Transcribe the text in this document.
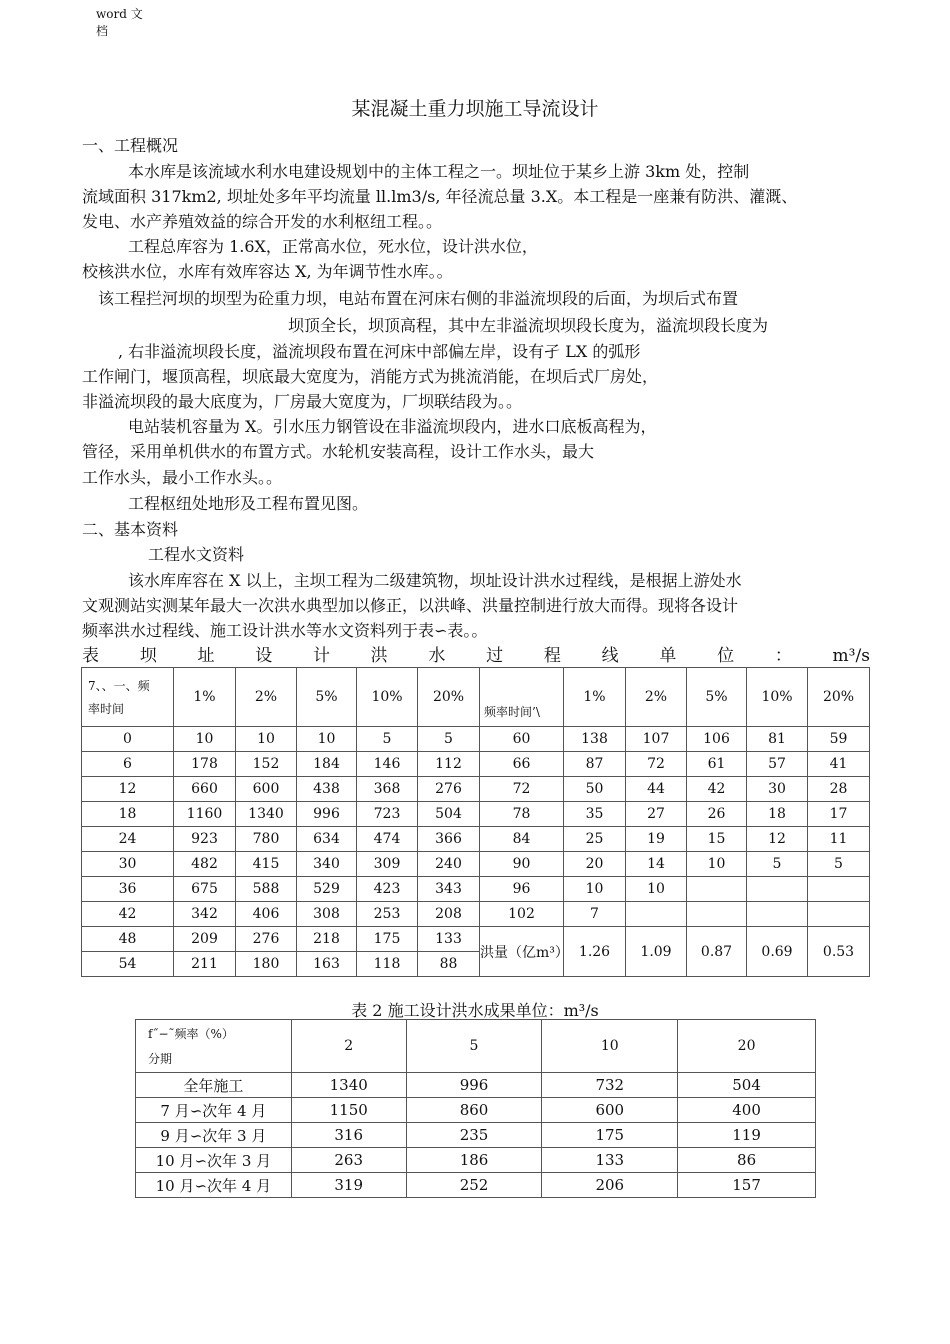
word 文
档
某混凝土重力坝施工导流设计
一、工程概况
本水库是该流域水利水电建设规划中的主体工程之一。坝址位于某乡上游 3km 处，控制
流域面积 317km2, 坝址处多年平均流量 ll.lm3/s, 年径流总量 3.X。本工程是一座兼有防洪、灌溉、
发电、水产养殖效益的综合开发的水利枢纽工程。。
工程总库容为 1.6X，正常高水位，死水位，设计洪水位，
校核洪水位，水库有效库容达 X, 为年调节性水库。。
该工程拦河坝的坝型为砼重力坝，电站布置在河床右侧的非溢流坝段的后面，为坝后式布置
坝顶全长，坝顶高程，其中左非溢流坝坝段长度为，溢流坝段长度为
, 右非溢流坝段长度，溢流坝段布置在河床中部偏左岸，设有孑 LX 的弧形
工作闸门，堰顶高程，坝底最大宽度为，消能方式为挑流消能，在坝后式厂房处，
非溢流坝段的最大底度为，厂房最大宽度为，厂坝联结段为。。
电站装机容量为 X。引水压力钢管设在非溢流坝段内，进水口底板高程为，
管径，采用单机供水的布置方式。水轮机安装高程，设计工作水头，最大
工作水头，最小工作水头。。
工程枢纽处地形及工程布置见图。
二、基本资料
工程水文资料
该水库库容在 X 以上，主坝工程为二级建筑物，坝址设计洪水过程线，是根据上游处水
文观测站实测某年最大一次洪水典型加以修正，以洪峰、洪量控制进行放大而得。现将各设计
频率洪水过程线、施工设计洪水等水文资料列于表∽表。。
表 坝 址 设 计 洪 水 过 程 线 单 位 ： m³/s
7、、一、频
率时间	1%	2%	5%	10%	20%	频率时间’\	1%	2%	5%	10%	20%
0	10	10	10	5	5	60	138	107	106	81	59
6	178	152	184	146	112	66	87	72	61	57	41
12	660	600	438	368	276	72	50	44	42	30	28
18	1160	1340	996	723	504	78	35	27	26	18	17
24	923	780	634	474	366	84	25	19	15	12	11
30	482	415	340	309	240	90	20	14	10	5	5
36	675	588	529	423	343	96	10	10			
42	342	406	308	253	208	102	7				
48	209	276	218	175	133	洪量（亿m³）	1.26	1.09	0.87	0.69	0.53
54	211	180	163	118	88						
表 2 施工设计洪水成果单位：m³/s
f˝−˜频率（%）
分期	2	5	10	20
全年施工	1340	996	732	504
7 月∽次年 4 月	1150	860	600	400
9 月∽次年 3 月	316	235	175	119
10 月∽次年 3 月	263	186	133	86
10 月∽次年 4 月	319	252	206	157
